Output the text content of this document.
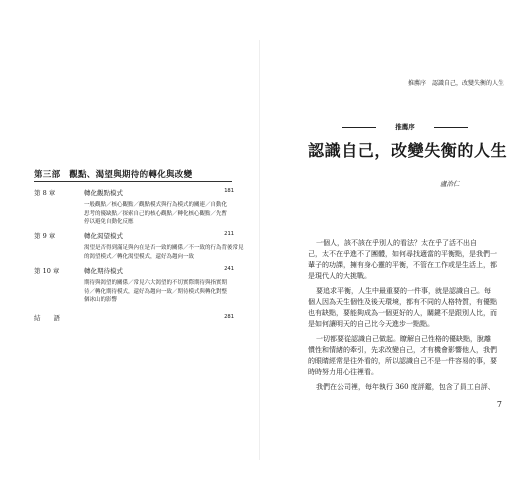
第三部　觀點、渴望與期待的轉化與改變
第 8 章	轉化觀點模式	181
一般觀點／核心觀點／觀點模式與行為模式的關連／自動化
思考的優缺點／探索自己的核心觀點／轉化核心觀點／先暫
停以避免自動化反應
第 9 章	轉化渴望模式	211
渴望是否得到滿足與內在是否一致的關係／不一致的行為背後常見
的渴望模式／轉化渴望模式，還好為趨向一致
第 10 章	轉化期待模式	241
期待與渴望的關係／常見六大渴望的不切實際期待與指實期
待／轉化期待模式，還好為趨向一致／期待模式與轉化對整
個冰山的影響
結　　語	281
推薦序　認識自己，改變失衡的人生
推薦序
認識自己，改變失衡的人生
盧治仁
一個人，該不該在乎別人的看法？太在乎了活不出自
己，太不在乎進不了團體，如何尋找適當的平衡點，是我們一
輩子的功課，擁有身心靈的平衡，不管在工作或是生活上，都
是現代人的大挑戰。
要追求平衡，人生中最重要的一件事，就是認識自己。每
個人因為天生個性及後天環境，都有不同的人格特質，有優點
也有缺點，要能夠成為一個更好的人，關鍵不是跟別人比，而
是如何讓明天的自己比今天進步一點點。
一切都要從認識自己做起。瞭解自己性格的優缺點，脫離
慣性和情緒的牽引，先求改變自己，才有機會影響他人，我們
的眼睛經常是往外看的，所以認識自己不是一件容易的事，要
時時努力用心往裡看。
我們在公司裡，每年執行 360 度評鑑，包含了員工自評、
7
